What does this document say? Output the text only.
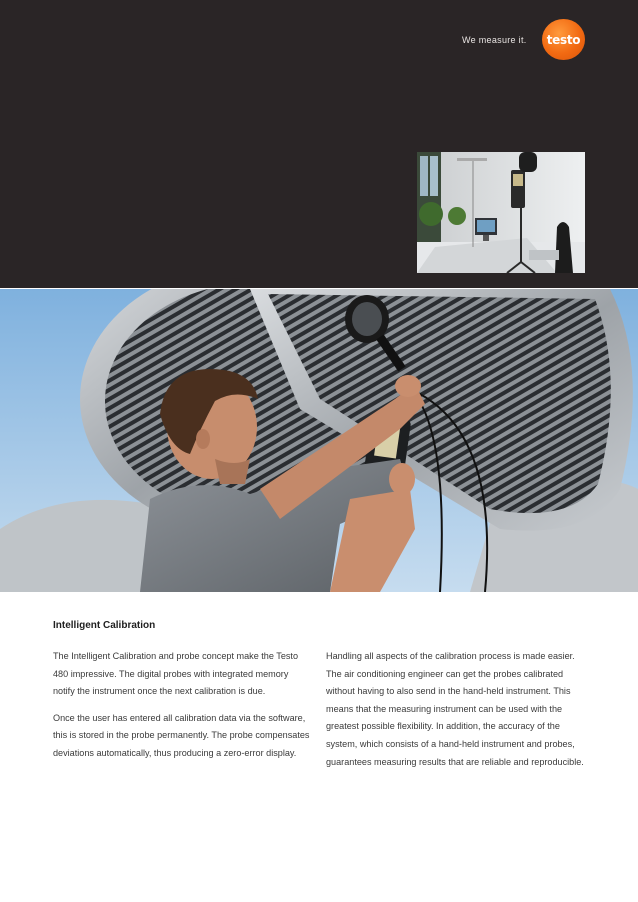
We measure it. testo
Intelligent Calibration

The Intelligent Calibration and probe concept make the Testo 480 impressive. The digital probes with integrated memory notify the instrument once the next calibration is due.

Once the user has entered all calibration data via the software, this is stored in the probe permanently. The probe compensates deviations automatically, thus producing a zero-error display.

Handling all aspects of the calibration process is made easier. The air conditioning engineer can get the probes calibrated without having to also send in the hand-held instrument. This means that the measuring instrument can be used with the greatest possible flexibility. In addition, the accuracy of the system, which consists of a hand-held instrument and probes, guarantees measuring results that are reliable and reproducible.
